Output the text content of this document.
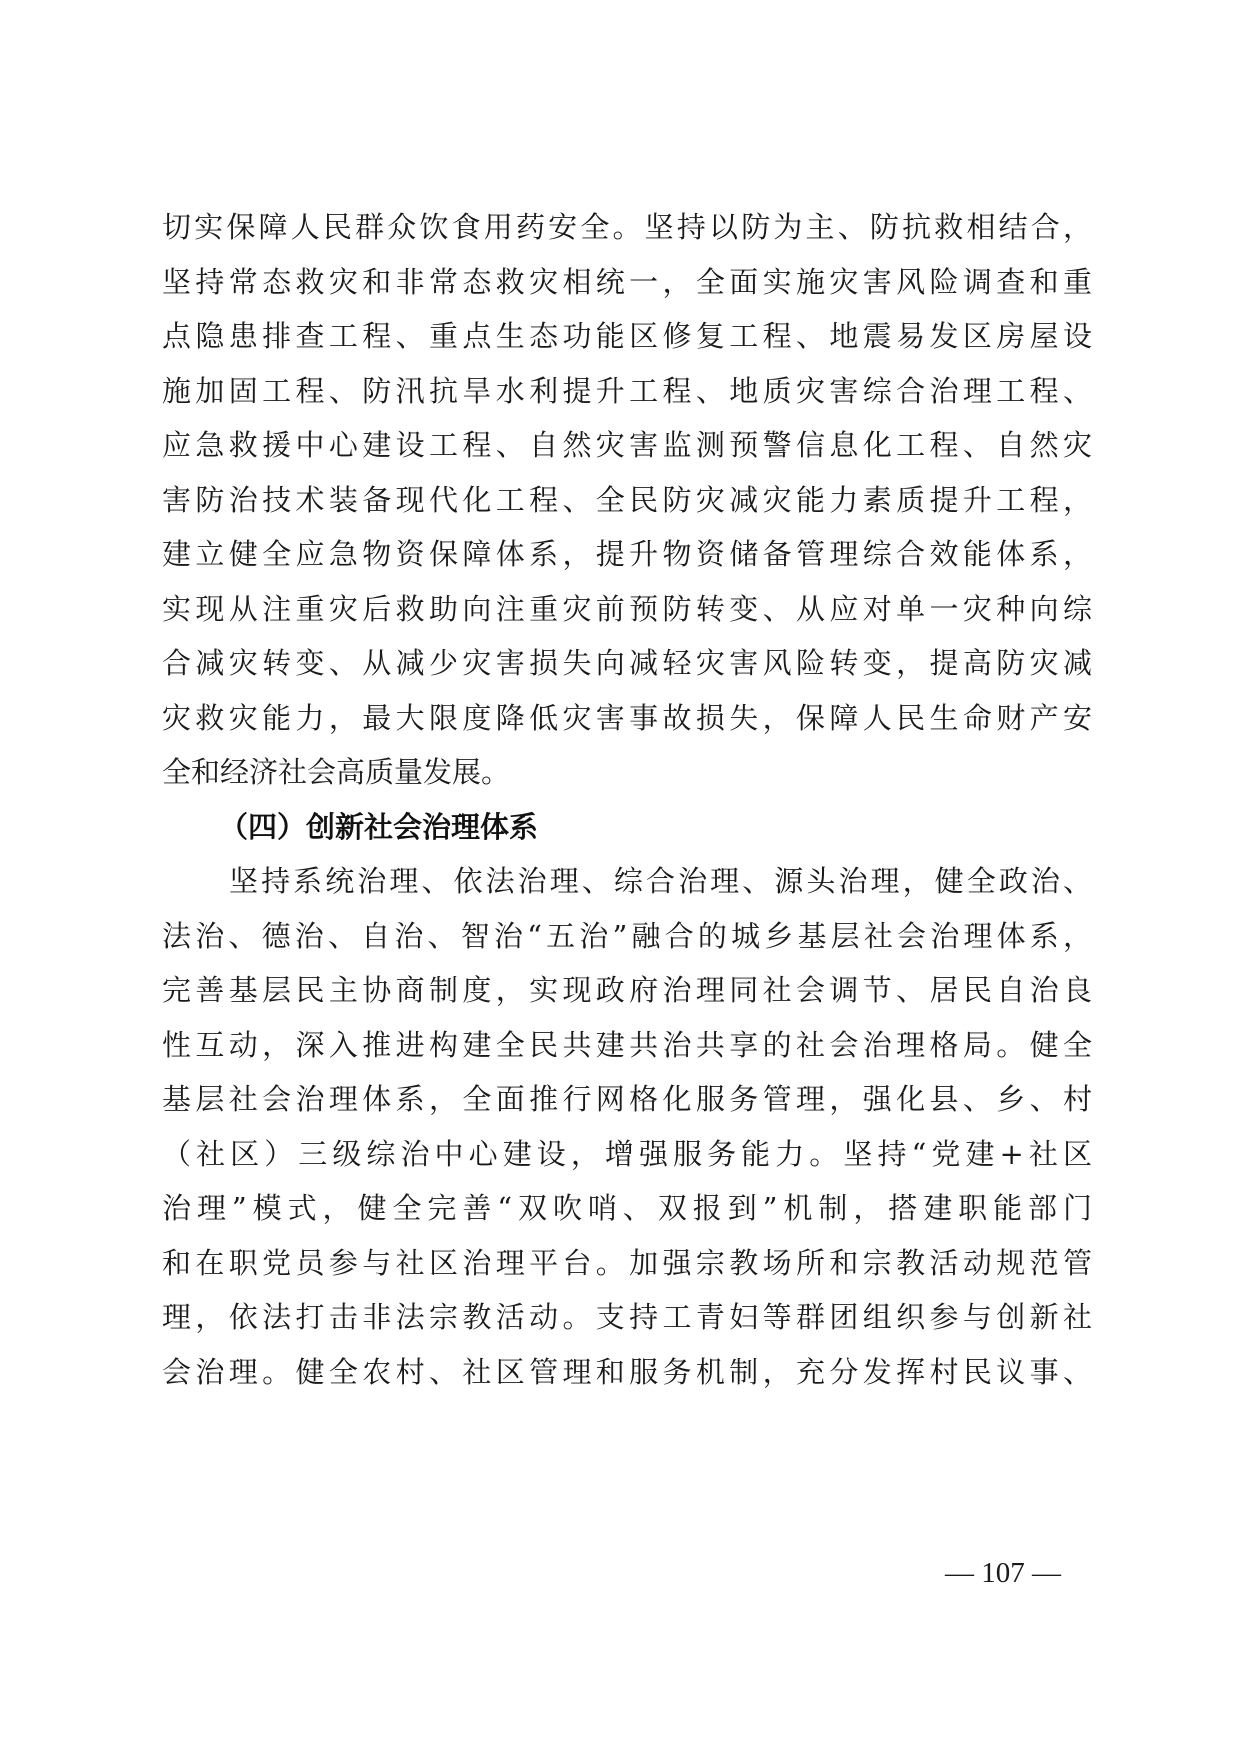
切实保障人民群众饮食用药安全。坚持以防为主、防抗救相结合，
坚持常态救灾和非常态救灾相统一，全面实施灾害风险调查和重
点隐患排查工程、重点生态功能区修复工程、地震易发区房屋设
施加固工程、防汛抗旱水利提升工程、地质灾害综合治理工程、
应急救援中心建设工程、自然灾害监测预警信息化工程、自然灾
害防治技术装备现代化工程、全民防灾减灾能力素质提升工程，
建立健全应急物资保障体系，提升物资储备管理综合效能体系，
实现从注重灾后救助向注重灾前预防转变、从应对单一灾种向综
合减灾转变、从减少灾害损失向减轻灾害风险转变，提高防灾减
灾救灾能力，最大限度降低灾害事故损失，保障人民生命财产安
全和经济社会高质量发展。
（四）创新社会治理体系
坚持系统治理、依法治理、综合治理、源头治理，健全政治、
法治、德治、自治、智治“五治”融合的城乡基层社会治理体系，
完善基层民主协商制度，实现政府治理同社会调节、居民自治良
性互动，深入推进构建全民共建共治共享的社会治理格局。健全
基层社会治理体系，全面推行网格化服务管理，强化县、乡、村
（社区）三级综治中心建设，增强服务能力。坚持“党建+社区
治理”模式，健全完善“双吹哨、双报到”机制，搭建职能部门
和在职党员参与社区治理平台。加强宗教场所和宗教活动规范管
理，依法打击非法宗教活动。支持工青妇等群团组织参与创新社
会治理。健全农村、社区管理和服务机制，充分发挥村民议事、
— 107 —
